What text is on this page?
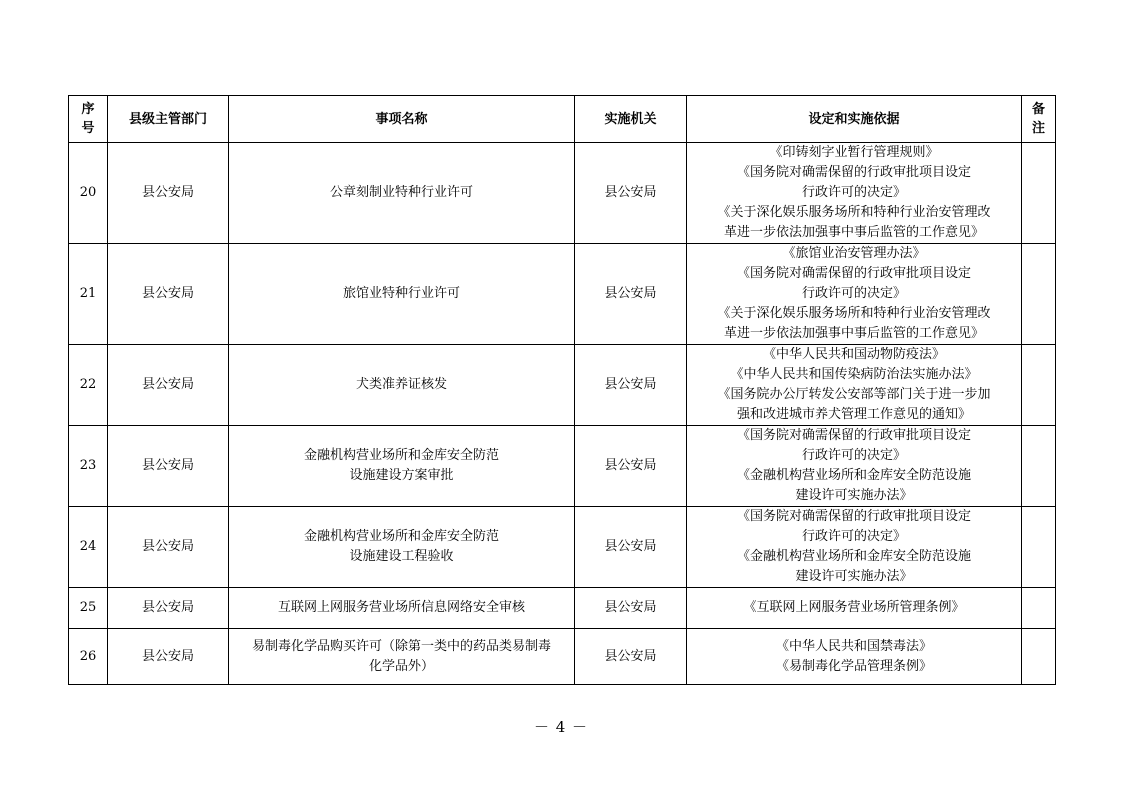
序号	县级主管部门	事项名称	实施机关	设定和实施依据	备注

20	县公安局	公章刻制业特种行业许可	县公安局	《印铸刻字业暂行管理规则》
《国务院对确需保留的行政审批项目设定
行政许可的决定》
《关于深化娱乐服务场所和特种行业治安管理改
革进一步依法加强事中事后监管的工作意见》	

21	县公安局	旅馆业特种行业许可	县公安局	《旅馆业治安管理办法》
《国务院对确需保留的行政审批项目设定
行政许可的决定》
《关于深化娱乐服务场所和特种行业治安管理改
革进一步依法加强事中事后监管的工作意见》	

22	县公安局	犬类准养证核发	县公安局	《中华人民共和国动物防疫法》
《中华人民共和国传染病防治法实施办法》
《国务院办公厅转发公安部等部门关于进一步加
强和改进城市养犬管理工作意见的通知》	

23	县公安局	金融机构营业场所和金库安全防范
设施建设方案审批	县公安局	《国务院对确需保留的行政审批项目设定
行政许可的决定》
《金融机构营业场所和金库安全防范设施
建设许可实施办法》	

24	县公安局	金融机构营业场所和金库安全防范
设施建设工程验收	县公安局	《国务院对确需保留的行政审批项目设定
行政许可的决定》
《金融机构营业场所和金库安全防范设施
建设许可实施办法》	

25	县公安局	互联网上网服务营业场所信息网络安全审核	县公安局	《互联网上网服务营业场所管理条例》	

26	县公安局	易制毒化学品购买许可（除第一类中的药品类易制毒
化学品外）	县公安局	《中华人民共和国禁毒法》
《易制毒化学品管理条例》	

－ 4 －
